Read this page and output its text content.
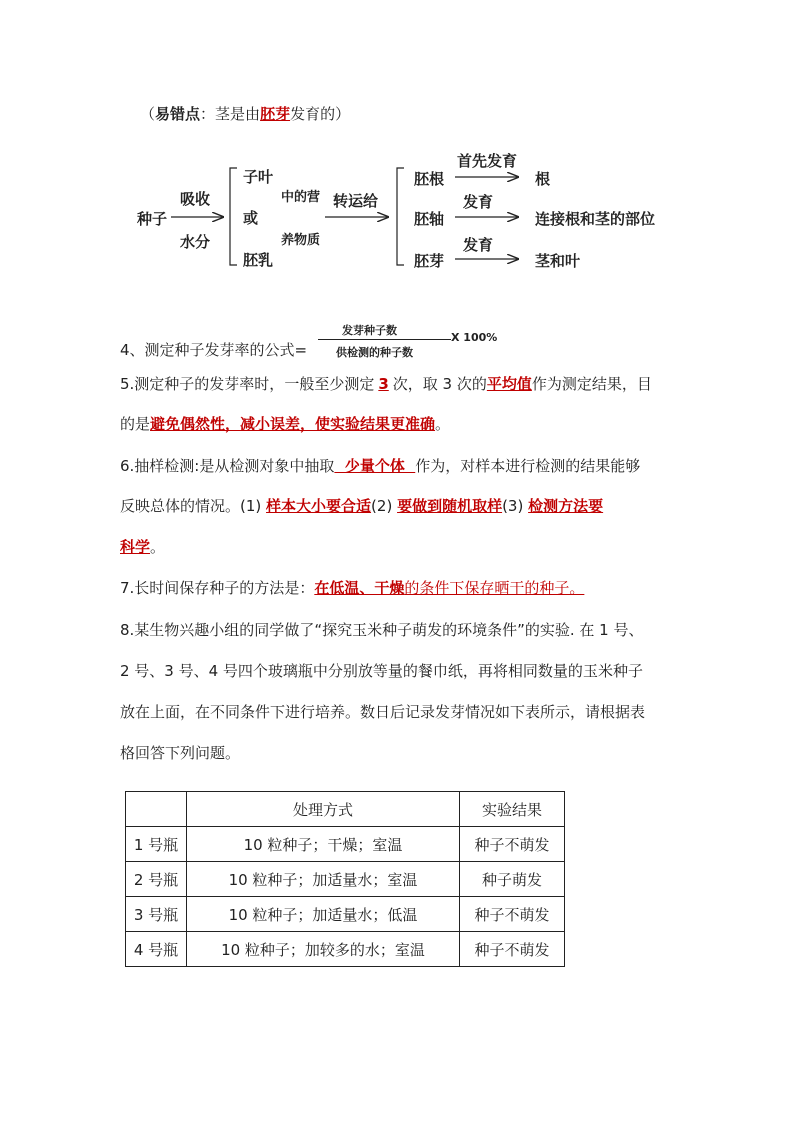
（易错点：茎是由胚芽发育的）
种子
吸收
水分
子叶
或
胚乳
中的营
养物质
转运给
胚根
胚轴
胚芽
首先发育
发育
发育
根
连接根和茎的部位
茎和叶
4、测定种子发芽率的公式=
发芽种子数
供检测的种子数
X 100%
5.测定种子的发芽率时，一般至少测定 3 次，取 3 次的平均值作为测定结果，目
的是避免偶然性，减小误差，使实验结果更准确。
6.抽样检测:是从检测对象中抽取  少量个体  作为，对样本进行检测的结果能够
反映总体的情况。(1) 样本大小要合适(2) 要做到随机取样(3) 检测方法要
科学。
7.长时间保存种子的方法是：在低温、干燥的条件下保存晒干的种子。
8.某生物兴趣小组的同学做了“探究玉米种子萌发的环境条件”的实验. 在 1 号、
2 号、3 号、4 号四个玻璃瓶中分别放等量的餐巾纸，再将相同数量的玉米种子
放在上面，在不同条件下进行培养。数日后记录发芽情况如下表所示，请根据表
格回答下列问题。
	处理方式	实验结果
1 号瓶	10 粒种子；干燥；室温	种子不萌发
2 号瓶	10 粒种子；加适量水；室温	种子萌发
3 号瓶	10 粒种子；加适量水；低温	种子不萌发
4 号瓶	10 粒种子；加较多的水；室温	种子不萌发
